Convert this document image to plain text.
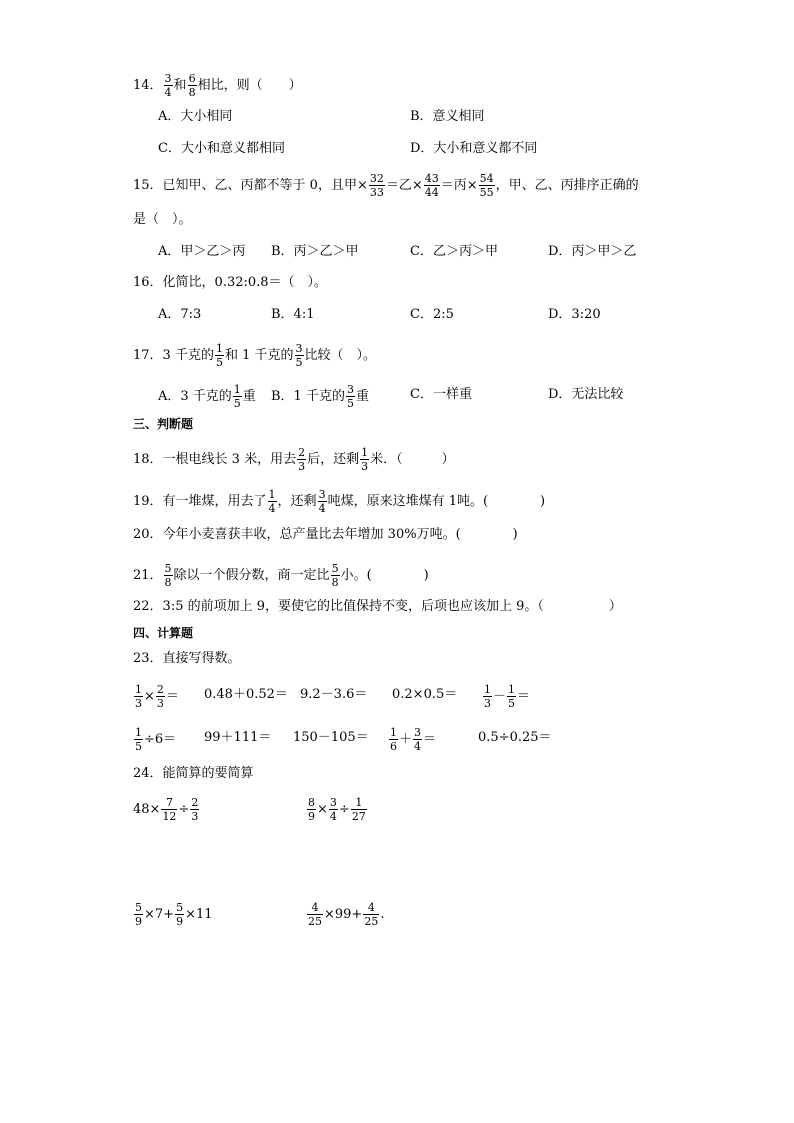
14． $\frac{3}{4}$ 和 $\frac{6}{8}$ 相比，则（　　）
A．大小相同	B．意义相同
C．大小和意义都相同	D．大小和意义都不同
15．已知甲、乙、丙都不等于 0，且甲× $\frac{32}{33}$ ＝乙× $\frac{43}{44}$ ＝丙× $\frac{54}{55}$ ，甲、乙、丙排序正确的
是（　）。
A．甲＞乙＞丙 B．丙＞乙＞甲	C．乙＞丙＞甲	D．丙＞甲＞乙
16．化简比，0.32:0.8＝（　）。
A．7:3	B．4:1	C．2:5	D．3:20
17．3 千克的 $\frac{1}{5}$ 和 1 千克的 $\frac{3}{5}$ 比较（　）。
A．3 千克的 $\frac{1}{5}$ 重 B．1 千克的 $\frac{3}{5}$ 重	C．一样重	D．无法比较
三、判断题
18．一根电线长 3 米，用去 $\frac{2}{3}$ 后，还剩 $\frac{1}{3}$ 米．（　　　）
19．有一堆煤，用去了 $\frac{1}{4}$ ，还剩 $\frac{3}{4}$ 吨煤，原来这堆煤有 1吨。(　　　　)
20．今年小麦喜获丰收，总产量比去年增加 30%万吨。(　　　　)
21． $\frac{5}{8}$ 除以一个假分数，商一定比 $\frac{5}{8}$ 小。(　　　　)
22．3:5 的前项加上 9，要使它的比值保持不变，后项也应该加上 9。（　　　　　）
四、计算题
23．直接写得数。
$\frac{1}{3} \times \frac{2}{3} = 0.48+0.52= 9.2-3.6= 0.2\times 0.5= \frac{1}{3} - \frac{1}{5}$ ＝
$\frac{1}{5} \div 6= 99+111= 150-105= \frac{1}{6} + \frac{3}{4}$ ＝	0.5÷0.25＝
24．能简算的要简算
$48\times \frac{7}{12} \div \frac{2}{3}$	$\frac{8}{9} \times \frac{3}{4} \div \frac{1}{27}$
$\frac{5}{9} \times 7+ \frac{5}{9} \times 11$	$\frac{4}{25} \times 99+ \frac{4}{25}$ .
